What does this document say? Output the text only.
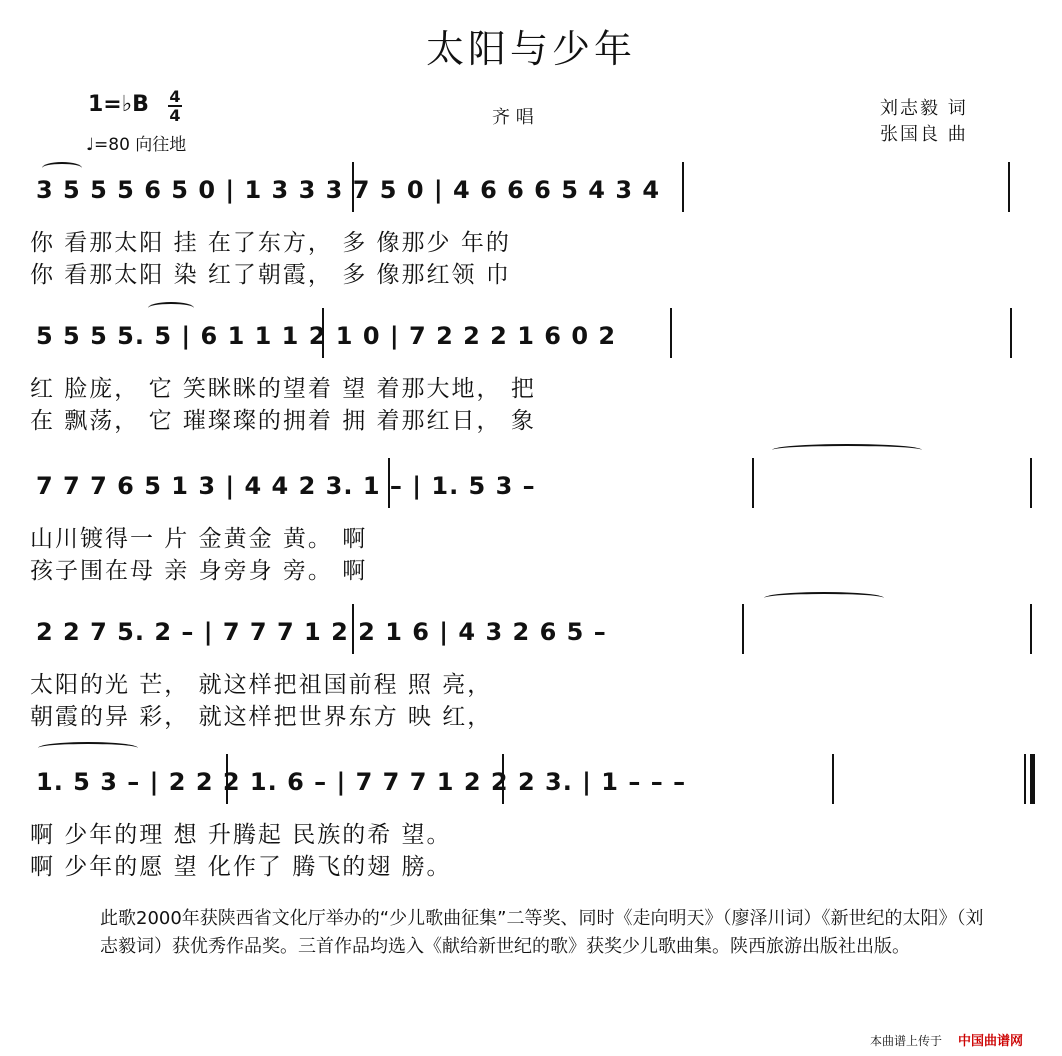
太阳与少年
1=♭B $\frac{4}{4}$
♩=80 向往地
齐 唱	刘志毅 词
张国良 曲
3 5 5 5 6 5 0 | 1 3 3 3 7 5 0 | 4 6 6 6 5 4 3 4
你 看那太阳 挂 在了东方， 多 像那少 年的
你 看那太阳 染 红了朝霞， 多 像那红领 巾
5 5 5 5. 5 | 6 1 1 1 2 1 0 | 7 2 2 2 1 6 0 2
红 脸庞， 它 笑眯眯的望着 望 着那大地， 把
在 飘荡， 它 璀璨璨的拥着 拥 着那红日， 象
7 7 7 6 5 1 3 | 4 4 2 3. 1 – | 1. 5 3 –
山川镀得一 片 金黄金 黄。 啊
孩子围在母 亲 身旁身 旁。 啊
2 2 7 5. 2 – | 7 7 7 1 2 2 1 6 | 4 3 2 6 5 –
太阳的光 芒， 就这样把祖国前程 照 亮，
朝霞的异 彩， 就这样把世界东方 映 红，
1. 5 3 – | 2 2 2 1. 6 – | 7 7 7 1 2 2 2 3. | 1 – – –
啊 少年的理 想 升腾起 民族的希 望。
啊 少年的愿 望 化作了 腾飞的翅 膀。
此歌2000年获陕西省文化厅举办的“少儿歌曲征集”二等奖、同时《走向明天》（廖泽川词）《新世纪的太阳》（刘志毅词）获优秀作品奖。三首作品均选入《献给新世纪的歌》获奖少儿歌曲集。陕西旅游出版社出版。
本曲谱上传于 中国曲谱网
